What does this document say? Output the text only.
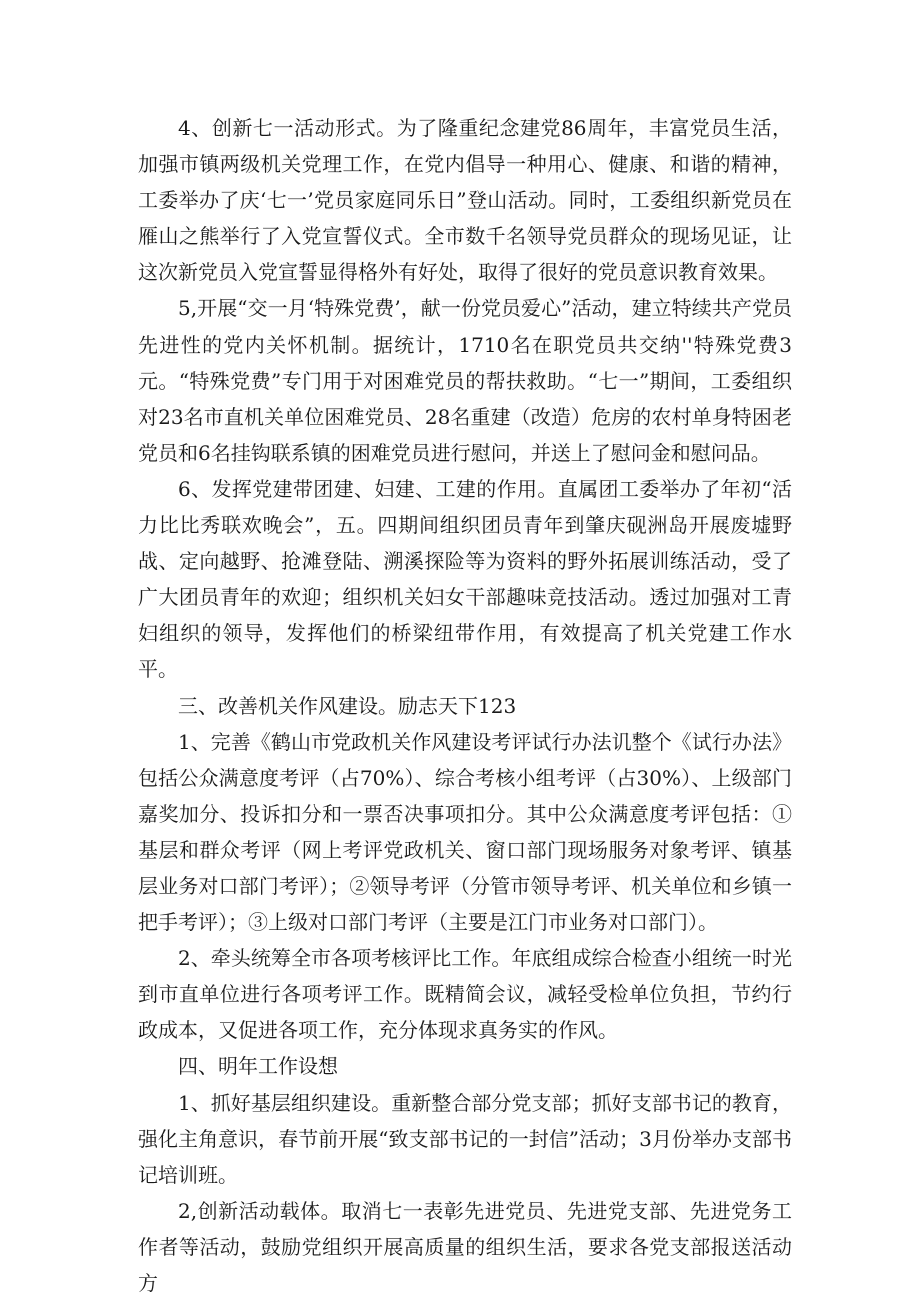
4、创新七一活动形式。为了隆重纪念建党86周年，丰富党员生活，加强市镇两级机关党理工作，在党内倡导一种用心、健康、和谐的精神，工委举办了庆‘七一’党员家庭同乐日”登山活动。同时，工委组织新党员在雁山之熊举行了入党宣誓仪式。全市数千名领导党员群众的现场见证，让这次新党员入党宣誓显得格外有好处，取得了很好的党员意识教育效果。

5,开展“交一月‘特殊党费’，献一份党员爱心”活动，建立特续共产党员先进性的党内关怀机制。据统计，1710名在职党员共交纳''特殊党费3元。“特殊党费”专门用于对困难党员的帮扶救助。“七一”期间，工委组织对23名市直机关单位困难党员、28名重建（改造）危房的农村单身特困老党员和6名挂钩联系镇的困难党员进行慰问，并送上了慰问金和慰问品。

6、发挥党建带团建、妇建、工建的作用。直属团工委举办了年初“活力比比秀联欢晚会”，五。四期间组织团员青年到肇庆砚洲岛开展废墟野战、定向越野、抢滩登陆、溯溪探险等为资料的野外拓展训练活动，受了广大团员青年的欢迎；组织机关妇女干部趣味竞技活动。透过加强对工青妇组织的领导，发挥他们的桥梁纽带作用，有效提高了机关党建工作水平。

三、改善机关作风建设。励志天下123

1、完善《鹤山市党政机关作风建设考评试行办法讥整个《试行办法》包括公众满意度考评（占70%）、综合考核小组考评（占30%）、上级部门嘉奖加分、投诉扣分和一票否决事项扣分。其中公众满意度考评包括：①基层和群众考评（网上考评党政机关、窗口部门现场服务对象考评、镇基层业务对口部门考评）；②领导考评（分管市领导考评、机关单位和乡镇一把手考评）；③上级对口部门考评（主要是江门市业务对口部门）。

2、牵头统筹全市各项考核评比工作。年底组成综合检查小组统一时光到市直单位进行各项考评工作。既精简会议，减轻受检单位负担，节约行政成本，又促进各项工作，充分体现求真务实的作风。

四、明年工作设想

1、抓好基层组织建设。重新整合部分党支部；抓好支部书记的教育，强化主角意识，春节前开展“致支部书记的一封信”活动；3月份举办支部书记培训班。

2,创新活动载体。取消七一表彰先进党员、先进党支部、先进党务工作者等活动，鼓励党组织开展高质量的组织生活，要求各党支部报送活动方
